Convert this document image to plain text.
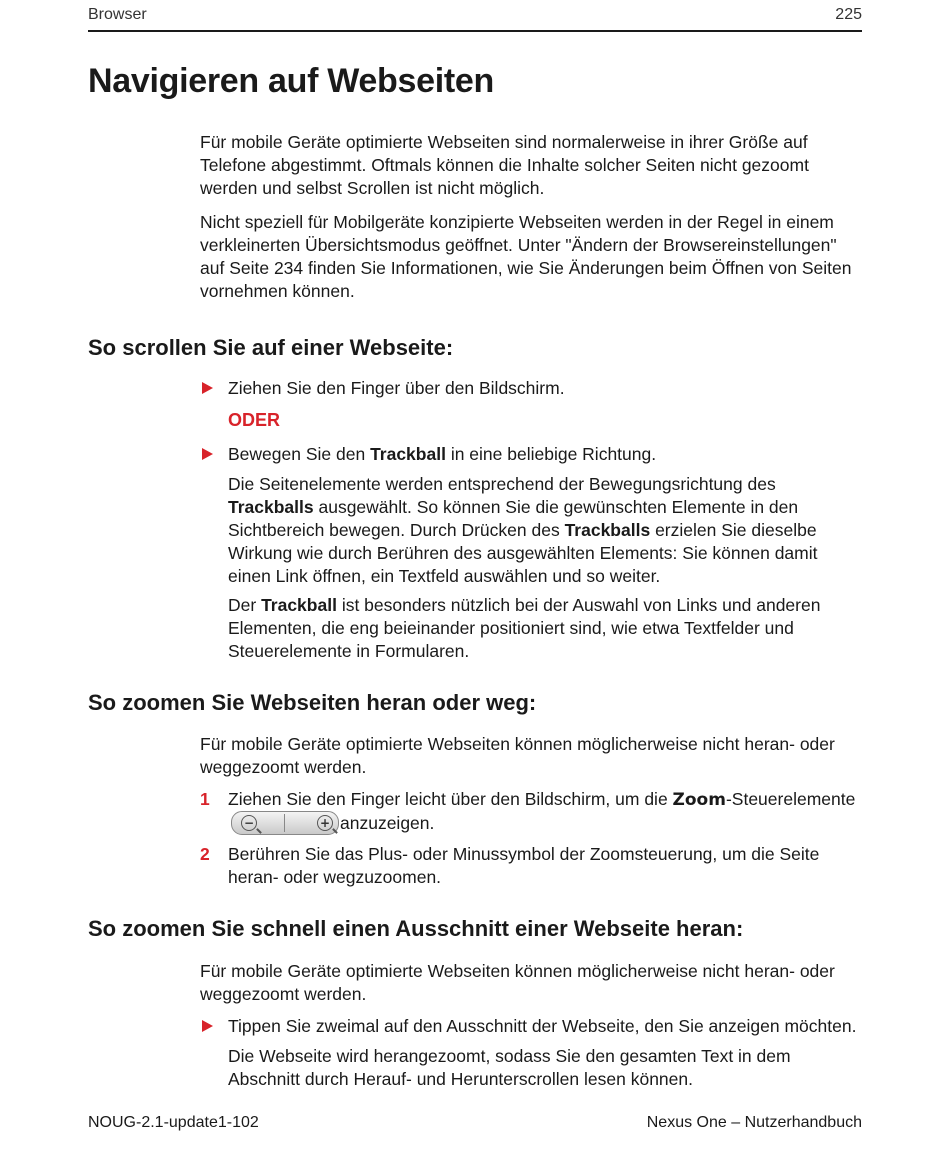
Browser	225
Navigieren auf Webseiten

Für mobile Geräte optimierte Webseiten sind normalerweise in ihrer Größe auf Telefone abgestimmt. Oftmals können die Inhalte solcher Seiten nicht gezoomt werden und selbst Scrollen ist nicht möglich.

Nicht speziell für Mobilgeräte konzipierte Webseiten werden in der Regel in einem verkleinerten Übersichtsmodus geöffnet. Unter "Ändern der Browsereinstellungen" auf Seite 234 finden Sie Informationen, wie Sie Änderungen beim Öffnen von Seiten vornehmen können.

So scrollen Sie auf einer Webseite:

Ziehen Sie den Finger über den Bildschirm.

ODER

Bewegen Sie den Trackball in eine beliebige Richtung.

Die Seitenelemente werden entsprechend der Bewegungsrichtung des Trackballs ausgewählt. So können Sie die gewünschten Elemente in den Sichtbereich bewegen. Durch Drücken des Trackballs erzielen Sie dieselbe Wirkung wie durch Berühren des ausgewählten Elements: Sie können damit einen Link öffnen, ein Textfeld auswählen und so weiter.

Der Trackball ist besonders nützlich bei der Auswahl von Links und anderen Elementen, die eng beieinander positioniert sind, wie etwa Textfelder und Steuerelemente in Formularen.

So zoomen Sie Webseiten heran oder weg:

Für mobile Geräte optimierte Webseiten können möglicherweise nicht heran- oder weggezoomt werden.

1 Ziehen Sie den Finger leicht über den Bildschirm, um die Zoom-Steuerelemente
anzuzeigen.

−	+
2 Berühren Sie das Plus- oder Minussymbol der Zoomsteuerung, um die Seite heran- oder wegzuzoomen.

So zoomen Sie schnell einen Ausschnitt einer Webseite heran:

Für mobile Geräte optimierte Webseiten können möglicherweise nicht heran- oder weggezoomt werden.

Tippen Sie zweimal auf den Ausschnitt der Webseite, den Sie anzeigen möchten.

Die Webseite wird herangezoomt, sodass Sie den gesamten Text in dem Abschnitt durch Herauf- und Herunterscrollen lesen können.

NOUG-2.1-update1-102	Nexus One – Nutzerhandbuch
